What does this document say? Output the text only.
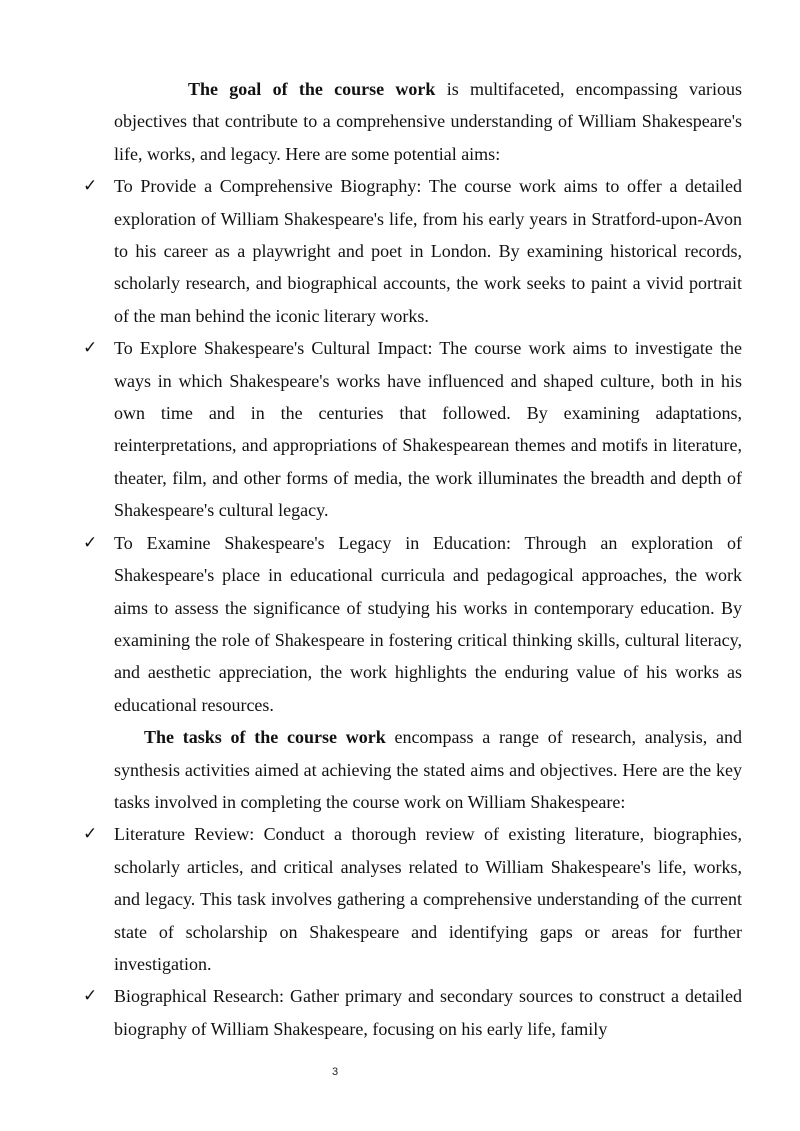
The goal of the course work is multifaceted, encompassing various objectives that contribute to a comprehensive understanding of William Shakespeare's life, works, and legacy. Here are some potential aims:

✓ To Provide a Comprehensive Biography: The course work aims to offer a detailed exploration of William Shakespeare's life, from his early years in Stratford-upon-Avon to his career as a playwright and poet in London. By examining historical records, scholarly research, and biographical accounts, the work seeks to paint a vivid portrait of the man behind the iconic literary works.

✓ To Explore Shakespeare's Cultural Impact: The course work aims to investigate the ways in which Shakespeare's works have influenced and shaped culture, both in his own time and in the centuries that followed. By examining adaptations, reinterpretations, and appropriations of Shakespearean themes and motifs in literature, theater, film, and other forms of media, the work illuminates the breadth and depth of Shakespeare's cultural legacy.

✓ To Examine Shakespeare's Legacy in Education: Through an exploration of Shakespeare's place in educational curricula and pedagogical approaches, the work aims to assess the significance of studying his works in contemporary education. By examining the role of Shakespeare in fostering critical thinking skills, cultural literacy, and aesthetic appreciation, the work highlights the enduring value of his works as educational resources.

The tasks of the course work encompass a range of research, analysis, and synthesis activities aimed at achieving the stated aims and objectives. Here are the key tasks involved in completing the course work on William Shakespeare:

✓ Literature Review: Conduct a thorough review of existing literature, biographies, scholarly articles, and critical analyses related to William Shakespeare's life, works, and legacy. This task involves gathering a comprehensive understanding of the current state of scholarship on Shakespeare and identifying gaps or areas for further investigation.

✓ Biographical Research: Gather primary and secondary sources to construct a detailed biography of William Shakespeare, focusing on his early life, family

3
